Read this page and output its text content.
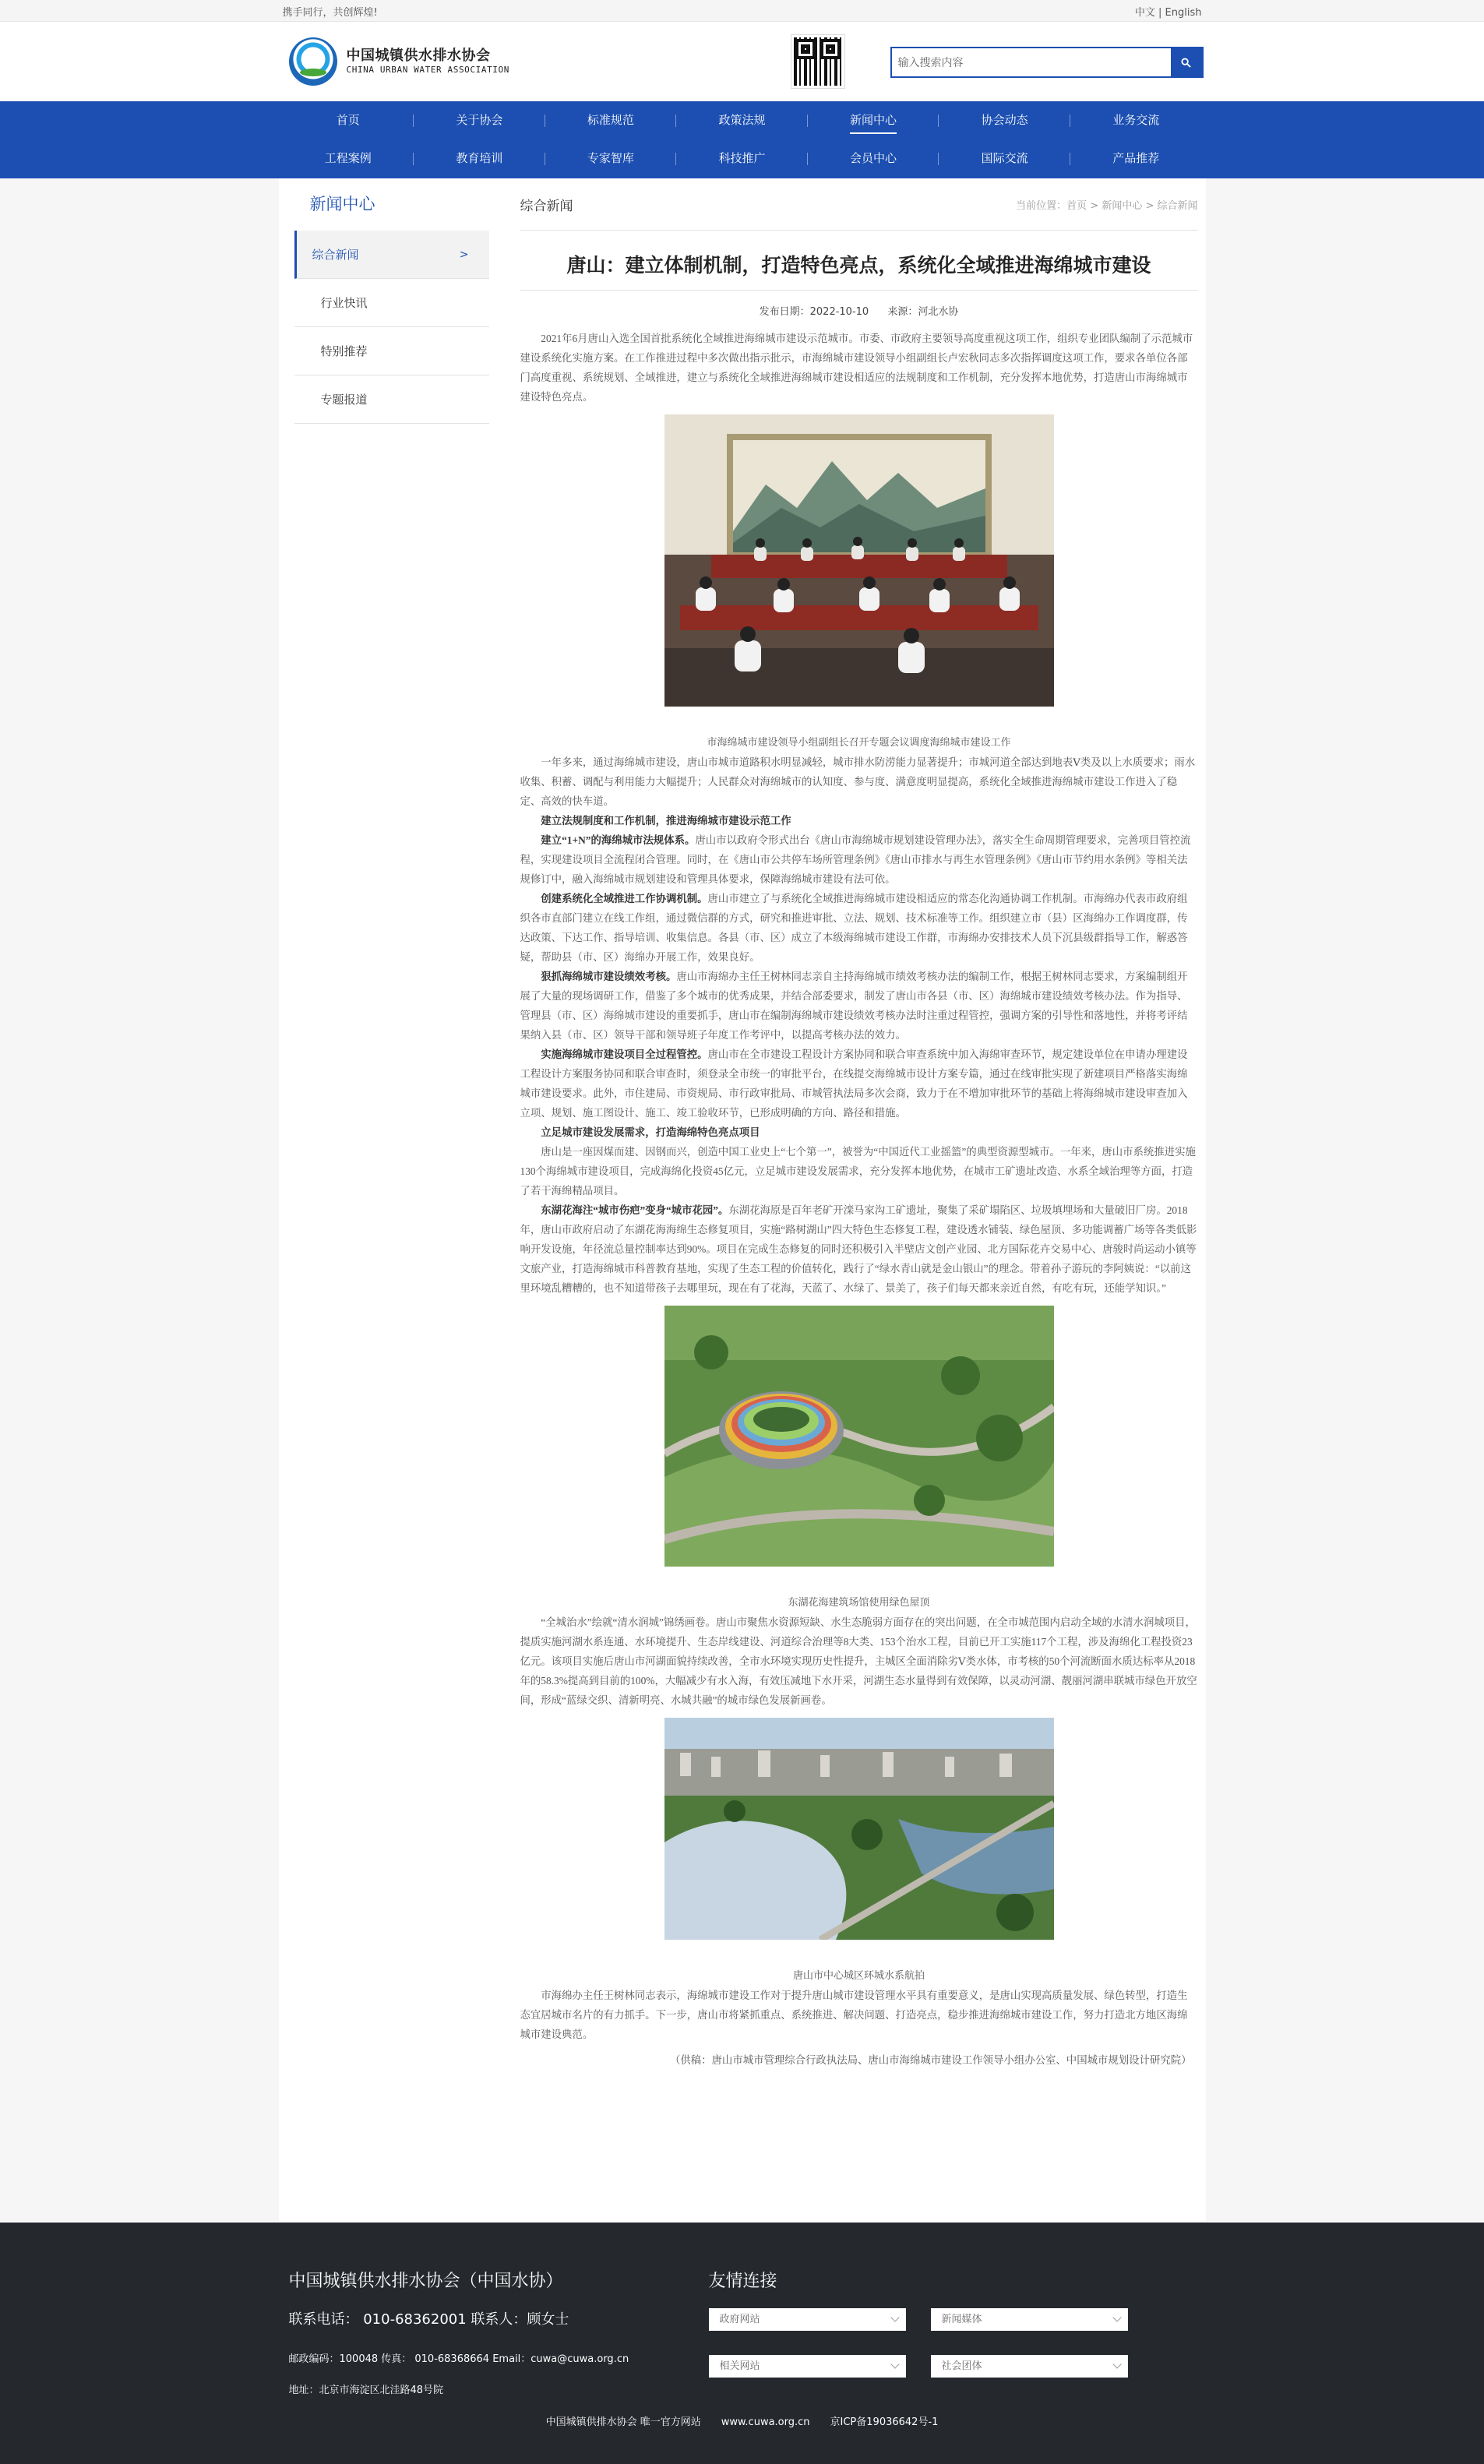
携手同行，共创辉煌!	中文 | English
中国城镇供水排水协会
CHINA URBAN WATER ASSOCIATION
输入搜索内容
首页	关于协会	标准规范	政策法规	新闻中心	协会动态	业务交流
工程案例	教育培训	专家智库	科技推广	会员中心	国际交流	产品推荐
新闻中心
综合新闻	>
行业快讯
特别推荐
专题报道
综合新闻	当前位置：首页 > 新闻中心 > 综合新闻
唐山：建立体制机制，打造特色亮点，系统化全域推进海绵城市建设
发布日期：2022-10-10 来源：河北水协

2021年6月唐山入选全国首批系统化全域推进海绵城市建设示范城市。市委、市政府主要领导高度重视这项工作，组织专业团队编制了示范城市建设系统化实施方案。在工作推进过程中多次做出指示批示，市海绵城市建设领导小组副组长卢宏秋同志多次指挥调度这项工作，要求各单位各部门高度重视、系统规划、全域推进，建立与系统化全域推进海绵城市建设相适应的法规制度和工作机制，充分发挥本地优势，打造唐山市海绵城市建设特色亮点。

市海绵城市建设领导小组副组长召开专题会议调度海绵城市建设工作

一年多来，通过海绵城市建设，唐山市城市道路积水明显减轻，城市排水防涝能力显著提升；市城河道全部达到地表Ⅴ类及以上水质要求；雨水收集、积蓄、调配与利用能力大幅提升；人民群众对海绵城市的认知度、参与度、满意度明显提高，系统化全域推进海绵城市建设工作进入了稳定、高效的快车道。

建立法规制度和工作机制，推进海绵城市建设示范工作

建立“1+N”的海绵城市法规体系。唐山市以政府令形式出台《唐山市海绵城市规划建设管理办法》，落实全生命周期管理要求，完善项目管控流程，实现建设项目全流程闭合管理。同时，在《唐山市公共停车场所管理条例》《唐山市排水与再生水管理条例》《唐山市节约用水条例》等相关法规修订中，融入海绵城市规划建设和管理具体要求，保障海绵城市建设有法可依。

创建系统化全域推进工作协调机制。唐山市建立了与系统化全域推进海绵城市建设相适应的常态化沟通协调工作机制。市海绵办代表市政府组织各市直部门建立在线工作组，通过微信群的方式，研究和推进审批、立法、规划、技术标准等工作。组织建立市（县）区海绵办工作调度群，传达政策、下达工作、指导培训、收集信息。各县（市、区）成立了本级海绵城市建设工作群，市海绵办安排技术人员下沉县级群指导工作，解惑答疑，帮助县（市、区）海绵办开展工作，效果良好。

狠抓海绵城市建设绩效考核。唐山市海绵办主任王树林同志亲自主持海绵城市绩效考核办法的编制工作，根据王树林同志要求，方案编制组开展了大量的现场调研工作，借鉴了多个城市的优秀成果，并结合部委要求，制发了唐山市各县（市、区）海绵城市建设绩效考核办法。作为指导、管理县（市、区）海绵城市建设的重要抓手，唐山市在编制海绵城市建设绩效考核办法时注重过程管控，强调方案的引导性和落地性，并将考评结果纳入县（市、区）领导干部和领导班子年度工作考评中，以提高考核办法的效力。

实施海绵城市建设项目全过程管控。唐山市在全市建设工程设计方案协同和联合审查系统中加入海绵审查环节，规定建设单位在申请办理建设工程设计方案服务协同和联合审查时，须登录全市统一的审批平台，在线提交海绵城市设计方案专篇，通过在线审批实现了新建项目严格落实海绵城市建设要求。此外，市住建局、市资规局、市行政审批局、市城管执法局多次会商，致力于在不增加审批环节的基础上将海绵城市建设审查加入立项、规划、施工图设计、施工、竣工验收环节，已形成明确的方向、路径和措施。

立足城市建设发展需求，打造海绵特色亮点项目

唐山是一座因煤而建、因钢而兴，创造中国工业史上“七个第一”，被誉为“中国近代工业摇篮”的典型资源型城市。一年来，唐山市系统推进实施130个海绵城市建设项目，完成海绵化投资45亿元，立足城市建设发展需求，充分发挥本地优势，在城市工矿遗址改造、水系全域治理等方面，打造了若干海绵精品项目。

东湖花海注“城市伤疤”变身“城市花园”。东湖花海原是百年老矿开滦马家沟工矿遗址，聚集了采矿塌陷区、垃圾填埋场和大量破旧厂房。2018年，唐山市政府启动了东湖花海海绵生态修复项目，实施“路树湖山”四大特色生态修复工程，建设透水铺装、绿色屋顶、多功能调蓄广场等各类低影响开发设施，年径流总量控制率达到90%。项目在完成生态修复的同时还积极引入半壁店文创产业园、北方国际花卉交易中心、唐骏时尚运动小镇等文旅产业，打造海绵城市科普教育基地，实现了生态工程的价值转化，践行了“绿水青山就是金山银山”的理念。带着孙子游玩的李阿姨说：“以前这里环境乱糟糟的，也不知道带孩子去哪里玩，现在有了花海，天蓝了、水绿了、景美了，孩子们每天都来亲近自然，有吃有玩，还能学知识。”

东湖花海建筑场馆使用绿色屋顶

“全城治水”绘就“清水润城”锦绣画卷。唐山市聚焦水资源短缺、水生态脆弱方面存在的突出问题，在全市城范围内启动全域的水清水润城项目，提质实施河湖水系连通、水环境提升、生态岸线建设、河道综合治理等8大类、153个治水工程，目前已开工实施117个工程，涉及海绵化工程投资23亿元。该项目实施后唐山市河湖面貌持续改善，全市水环境实现历史性提升，主城区全面消除劣Ⅴ类水体，市考核的50个河流断面水质达标率从2018年的58.3%提高到目前的100%，大幅减少有水入海，有效压减地下水开采，河湖生态水量得到有效保障，以灵动河湖、靓丽河湖串联城市绿色开放空间，形成“蓝绿交织、清新明亮、水城共融”的城市绿色发展新画卷。

唐山市中心城区环城水系航拍

市海绵办主任王树林同志表示，海绵城市建设工作对于提升唐山城市建设管理水平具有重要意义，是唐山实现高质量发展、绿色转型，打造生态宜居城市名片的有力抓手。下一步，唐山市将紧抓重点、系统推进、解决问题、打造亮点，稳步推进海绵城市建设工作，努力打造北方地区海绵城市建设典范。

（供稿：唐山市城市管理综合行政执法局、唐山市海绵城市建设工作领导小组办公室、中国城市规划设计研究院）
中国城镇供水排水协会（中国水协）
联系电话： 010-68362001 联系人：顾女士
邮政编码：100048 传真： 010-68368664 Email：cuwa@cuwa.org.cn
地址：北京市海淀区北洼路48号院
友情连接
政府网站	新闻媒体
相关网站	社会团体
中国城镇供排水协会 唯一官方网站　　www.cuwa.org.cn　　京ICP备19036642号-1
